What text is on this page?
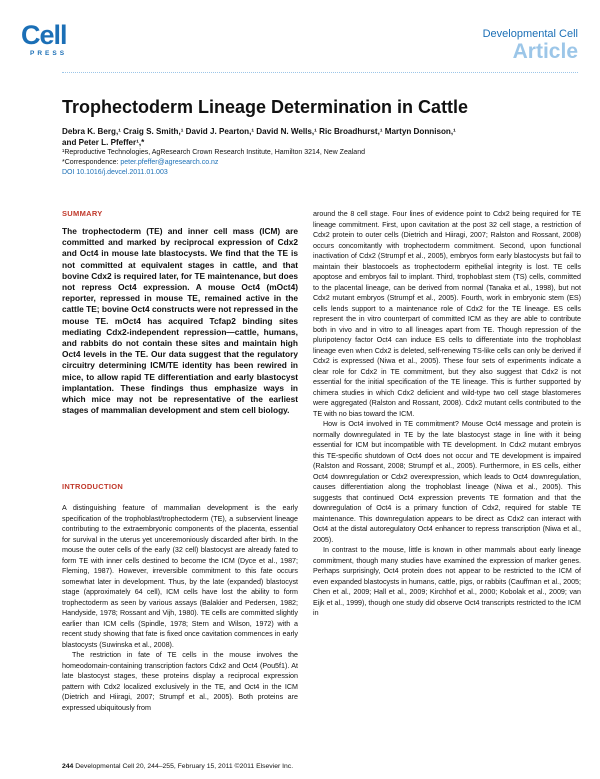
Cell
PRESS
Developmental Cell
Article
Trophectoderm Lineage Determination in Cattle
Debra K. Berg,¹ Craig S. Smith,¹ David J. Pearton,¹ David N. Wells,¹ Ric Broadhurst,¹ Martyn Donnison,¹
and Peter L. Pfeffer¹,*
¹Reproductive Technologies, AgResearch Crown Research Institute, Hamilton 3214, New Zealand
*Correspondence: peter.pfeffer@agresearch.co.nz
DOI 10.1016/j.devcel.2011.01.003
SUMMARY
The trophectoderm (TE) and inner cell mass (ICM) are committed and marked by reciprocal expression of Cdx2 and Oct4 in mouse late blastocysts. We find that the TE is not committed at equivalent stages in cattle, and that bovine Cdx2 is required later, for TE maintenance, but does not repress Oct4 expression. A mouse Oct4 (mOct4) reporter, repressed in mouse TE, remained active in the cattle TE; bovine Oct4 constructs were not repressed in the mouse TE. mOct4 has acquired Tcfap2 binding sites mediating Cdx2-independent repression—cattle, humans, and rabbits do not contain these sites and maintain high Oct4 levels in the TE. Our data suggest that the regulatory circuitry determining ICM/TE identity has been rewired in mice, to allow rapid TE differentiation and early blastocyst implantation. These findings thus emphasize ways in which mice may not be representative of the earliest stages of mammalian development and stem cell biology.
INTRODUCTION

A distinguishing feature of mammalian development is the early specification of the trophoblast/trophectoderm (TE), a subservient lineage contributing to the extraembryonic components of the placenta, essential for survival in the uterus yet unceremoniously discarded after birth. In the mouse the outer cells of the early (32 cell) blastocyst are already fated to form TE with inner cells destined to become the ICM (Dyce et al., 1987; Fleming, 1987). However, irreversible commitment to this fate occurs somewhat later in development. Thus, by the late (expanded) blastocyst stage (approximately 64 cell), ICM cells have lost the ability to form trophectoderm as seen by various assays (Balakier and Pedersen, 1982; Handyside, 1978; Rossant and Vijh, 1980). TE cells are committed slightly earlier than ICM cells (Spindle, 1978; Stern and Wilson, 1972) with a recent study showing that fate is fixed once cavitation commences in early blastocysts (Suwinska et al., 2008).

The restriction in fate of TE cells in the mouse involves the homeodomain-containing transcription factors Cdx2 and Oct4 (Pou5f1). At late blastocyst stages, these proteins display a reciprocal expression pattern with Cdx2 localized exclusively in the TE, and Oct4 in the ICM (Dietrich and Hiiragi, 2007; Strumpf et al., 2005). Both proteins are expressed ubiquitously from

around the 8 cell stage. Four lines of evidence point to Cdx2 being required for TE lineage commitment. First, upon cavitation at the post 32 cell stage, a restriction of Cdx2 protein to outer cells (Dietrich and Hiiragi, 2007; Ralston and Rossant, 2008) occurs concomitantly with trophectoderm commitment. Second, upon functional inactivation of Cdx2 (Strumpf et al., 2005), embryos form early blastocysts but fail to maintain their blastocoels as trophectoderm epithelial integrity is lost. TE cells apoptose and embryos fail to implant. Third, trophoblast stem (TS) cells, committed to the placental lineage, can be derived from normal (Tanaka et al., 1998), but not Cdx2 mutant embryos (Strumpf et al., 2005). Fourth, work in embryonic stem (ES) cells lends support to a maintenance role of Cdx2 for the TE lineage. ES cells represent the in vitro counterpart of committed ICM as they are able to contribute both in vivo and in vitro to all lineages apart from TE. Though repression of the pluripotency factor Oct4 can induce ES cells to differentiate into the trophoblast lineage even when Cdx2 is deleted, self-renewing TS-like cells can only be derived if Cdx2 is expressed (Niwa et al., 2005). These four sets of experiments indicate a clear role for Cdx2 in TE commitment, but they also suggest that Cdx2 is not essential for the initial specification of the TE lineage. This is further supported by chimera studies in which Cdx2 deficient and wild-type two cell stage blastomeres were aggregated (Ralston and Rossant, 2008). Cdx2 mutant cells contributed to the TE with no bias toward the ICM.

How is Oct4 involved in TE commitment? Mouse Oct4 message and protein is normally downregulated in TE by the late blastocyst stage in line with it being essential for ICM but incompatible with TE development. In Cdx2 mutant embryos this TE-specific shutdown of Oct4 does not occur and TE development is impaired (Ralston and Rossant, 2008; Strumpf et al., 2005). Furthermore, in ES cells, either Oct4 downregulation or Cdx2 overexpression, which leads to Oct4 downregulation, causes differentiation along the trophoblast lineage (Niwa et al., 2005). This suggests that continued Oct4 expression prevents TE formation and that the downregulation of Oct4 is a primary function of Cdx2, required for stable TE maintenance. This downregulation appears to be direct as Cdx2 can interact with Oct4 at the distal autoregulatory Oct4 enhancer to repress transcription (Niwa et al., 2005).

In contrast to the mouse, little is known in other mammals about early lineage commitment, though many studies have examined the expression of marker genes. Perhaps surprisingly, Oct4 protein does not appear to be restricted to the ICM of even expanded blastocysts in humans, cattle, pigs, or rabbits (Cauffman et al., 2005; Chen et al., 2009; Hall et al., 2009; Kirchhof et al., 2000; Kobolak et al., 2009; van Eijk et al., 1999), though one study did observe Oct4 transcripts restricted to the ICM in

244 Developmental Cell 20, 244–255, February 15, 2011 ©2011 Elsevier Inc.
